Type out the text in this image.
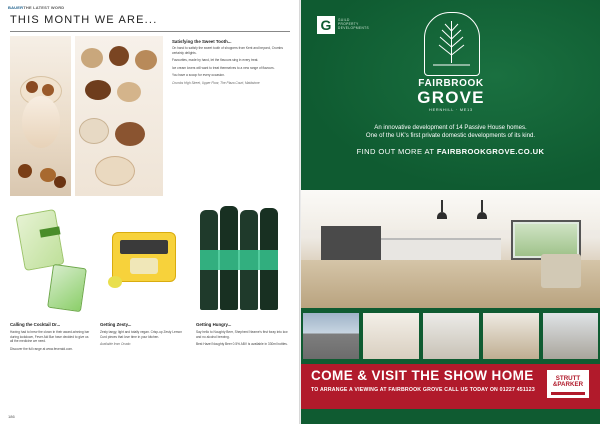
BAUERTHE LATEST WORD
THIS MONTH WE ARE...
Satisfying the Sweet Tooth...

On hand to satisfy the sweet tooth of shoppers from Kent and beyond, Crumbs certainly delights.

Favourites, made by hand, let the flavours sing in every treat.

Ice cream lovers will want to treat themselves to a new range of flavours.

You have a scoop for every occasion.

Crumbs High Street, Upper Floor, The Plaza Court, Maidstone

Calling the Cocktail Dr...

Having had to brew the clown in their award-winning bar during lockdown, Fever Aid Bar have decided to give us all the medicine we need.

Discover the full range at www.feveraid.com.

Getting Zesty...

Zesty tangy, light and totally vegan. Crisp-up Zesty Lemon Curd pieces that love time in your kitchen.

Available from Ocado

Getting Hungry...

Say hello to Noughty Beer, Shepherd Neame's first foray into low and no alcohol brewing.

Best Hazel Noughty Beer 0.5% ABV is available in 330ml bottles.

186
G	GUILD
PROPERTY
DEVELOPMENTS
FAIRBROOK
GROVE
HERNHILL · ME13
An innovative development of 14 Passive House homes.
One of the UK's first private domestic developments of its kind.
FIND OUT MORE AT FAIRBROOKGROVE.CO.UK
COME & VISIT THE SHOW HOME
TO ARRANGE A VIEWING AT FAIRBROOK GROVE CALL US TODAY ON 01227 451123
STRUTT
&PARKER
